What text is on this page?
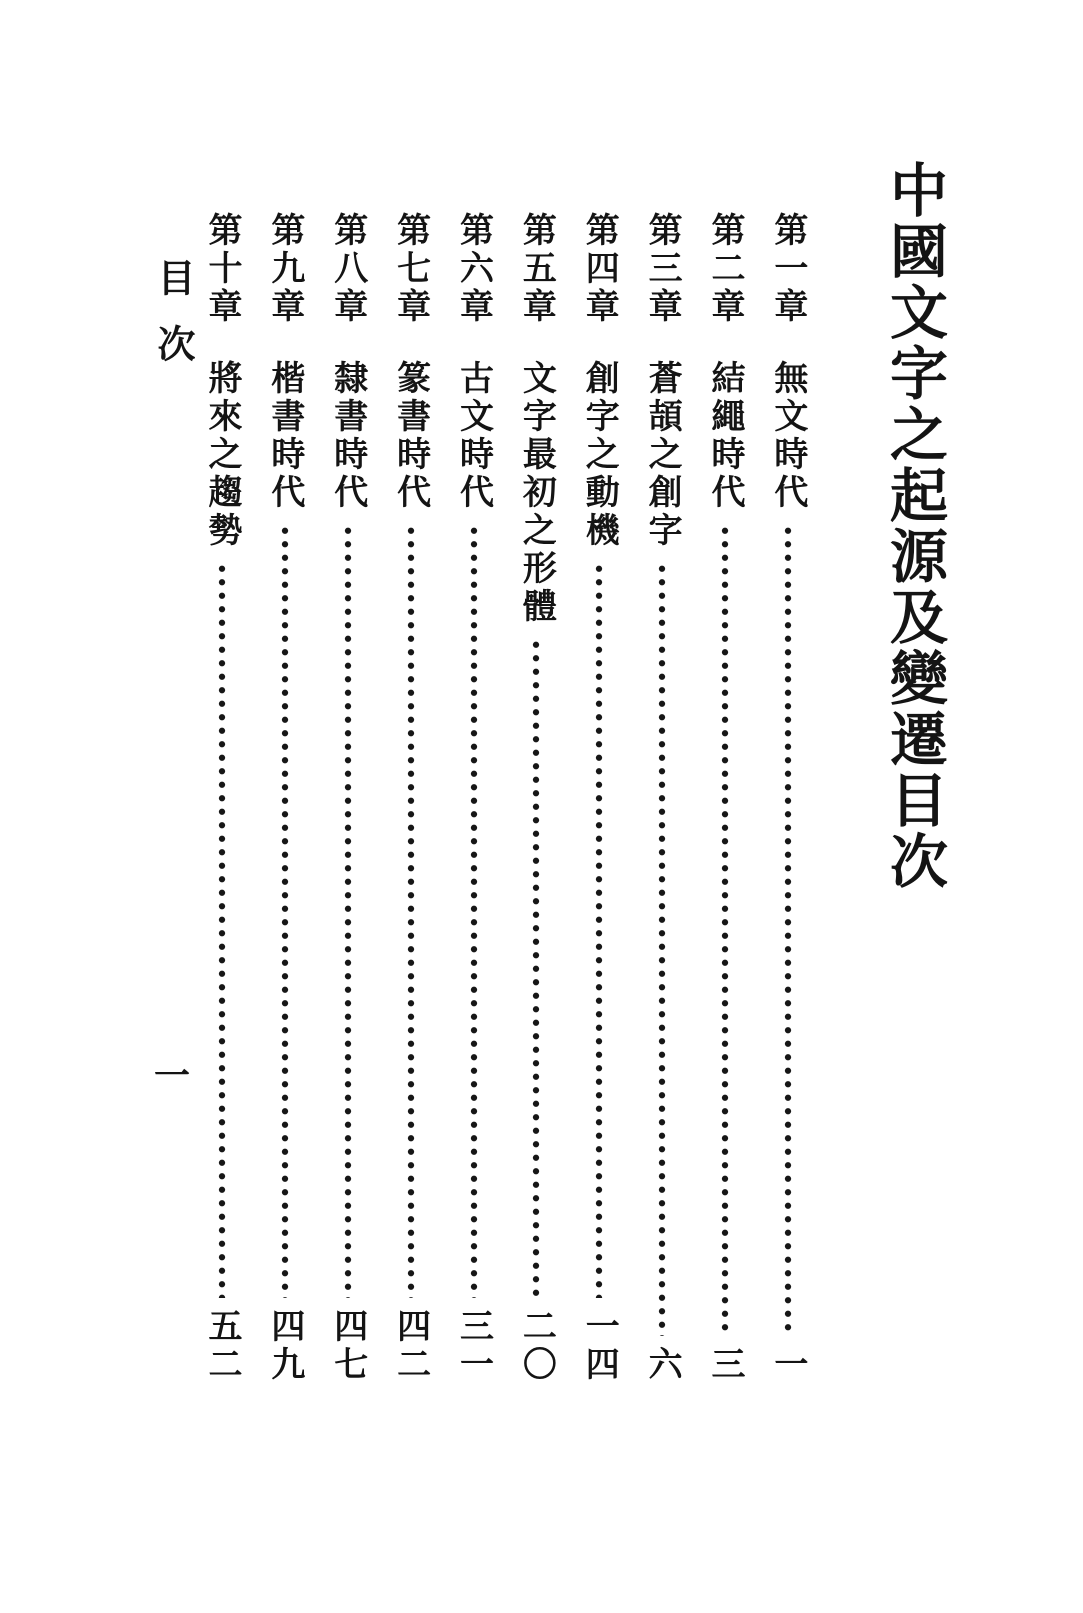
中國文字之起源及變遷目次
第一章
無文時代
一
第二章
結繩時代
三
第三章
蒼頡之創字
六
第四章
創字之動機
一四
第五章
文字最初之形體
二〇
第六章
古文時代
三一
第七章
篆書時代
四二
第八章
隸書時代
四七
第九章
楷書時代
四九
第十章
將來之趨勢
五二
目次
一
